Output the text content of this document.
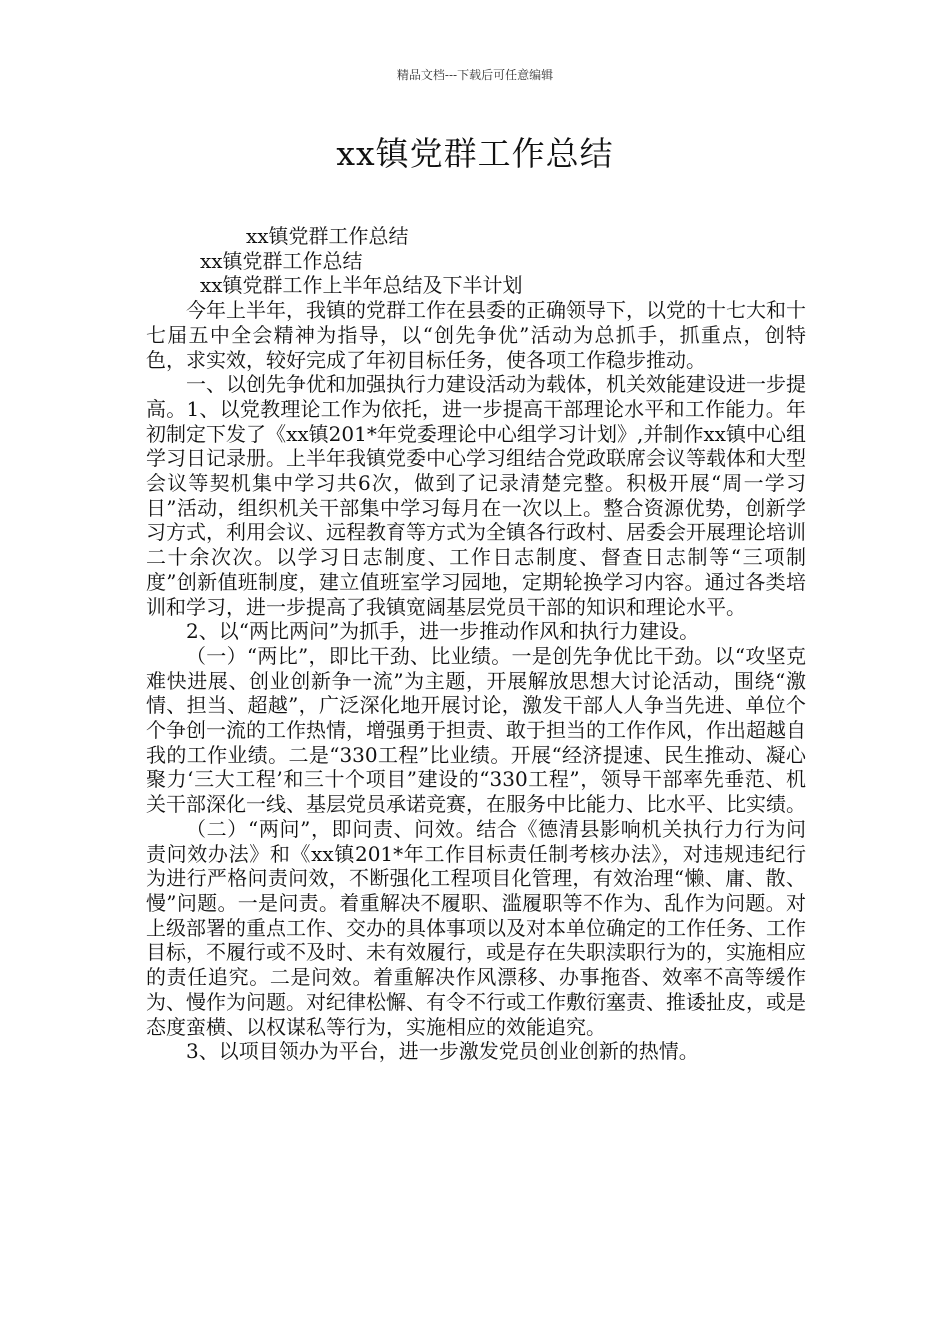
精品文档---下载后可任意编辑
xx镇党群工作总结

xx镇党群工作总结

xx镇党群工作总结

xx镇党群工作上半年总结及下半计划

今年上半年，我镇的党群工作在县委的正确领导下，以党的十七大和十七届五中全会精神为指导，以“创先争优”活动为总抓手，抓重点，创特色，求实效，较好完成了年初目标任务，使各项工作稳步推动。

一、以创先争优和加强执行力建设活动为载体，机关效能建设进一步提高。1、以党教理论工作为依托，进一步提高干部理论水平和工作能力。年初制定下发了《xx镇201*年党委理论中心组学习计划》,并制作xx镇中心组学习日记录册。上半年我镇党委中心学习组结合党政联席会议等载体和大型会议等契机集中学习共6次，做到了记录清楚完整。积极开展“周一学习日”活动，组织机关干部集中学习每月在一次以上。整合资源优势，创新学习方式，利用会议、远程教育等方式为全镇各行政村、居委会开展理论培训二十余次次。以学习日志制度、工作日志制度、督查日志制等“三项制度”创新值班制度，建立值班室学习园地，定期轮换学习内容。通过各类培训和学习，进一步提高了我镇宽阔基层党员干部的知识和理论水平。

2、以“两比两问”为抓手，进一步推动作风和执行力建设。

（一）“两比”，即比干劲、比业绩。一是创先争优比干劲。以“攻坚克难快进展、创业创新争一流”为主题，开展解放思想大讨论活动，围绕“激情、担当、超越”，广泛深化地开展讨论，激发干部人人争当先进、单位个个争创一流的工作热情，增强勇于担责、敢于担当的工作作风，作出超越自我的工作业绩。二是“330工程”比业绩。开展“经济提速、民生推动、凝心聚力‘三大工程’和三十个项目”建设的“330工程”，领导干部率先垂范、机关干部深化一线、基层党员承诺竞赛，在服务中比能力、比水平、比实绩。

（二）“两问”，即问责、问效。结合《德清县影响机关执行力行为问责问效办法》和《xx镇201*年工作目标责任制考核办法》，对违规违纪行为进行严格问责问效，不断强化工程项目化管理，有效治理“懒、庸、散、慢”问题。一是问责。着重解决不履职、滥履职等不作为、乱作为问题。对上级部署的重点工作、交办的具体事项以及对本单位确定的工作任务、工作目标，不履行或不及时、未有效履行，或是存在失职渎职行为的，实施相应的责任追究。二是问效。着重解决作风漂移、办事拖沓、效率不高等缓作为、慢作为问题。对纪律松懈、有令不行或工作敷衍塞责、推诿扯皮，或是态度蛮横、以权谋私等行为，实施相应的效能追究。

3、以项目领办为平台，进一步激发党员创业创新的热情。
